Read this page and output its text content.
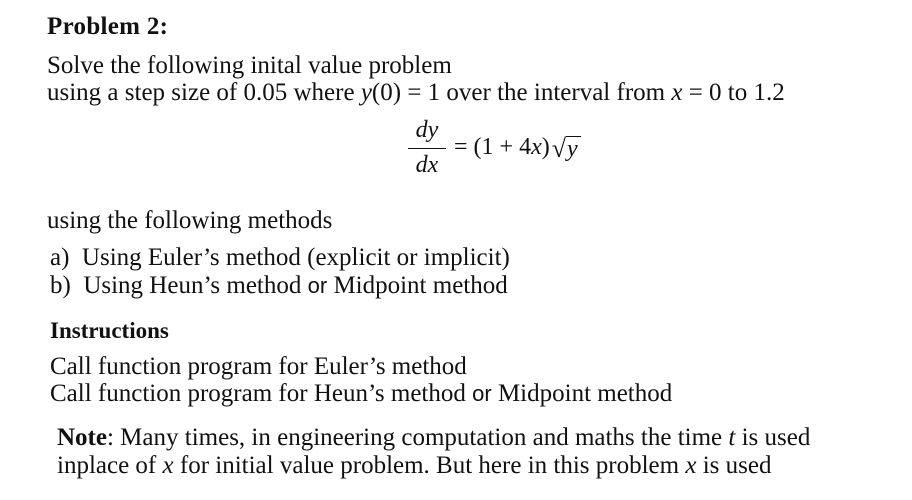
Problem 2:
Solve the following inital value problem
using a step size of 0.05 where y(0) = 1 over the interval from x = 0 to 1.2
$\frac{dy}{dx} = (1 + 4$ x ) √ y
using the following methods
a) Using Euler’s method (explicit or implicit)
b) Using Heun’s method or Midpoint method
Instructions
Call function program for Euler’s method
Call function program for Heun’s method or Midpoint method
Note: Many times, in engineering computation and maths the time t is used
inplace of x for initial value problem. But here in this problem x is used
